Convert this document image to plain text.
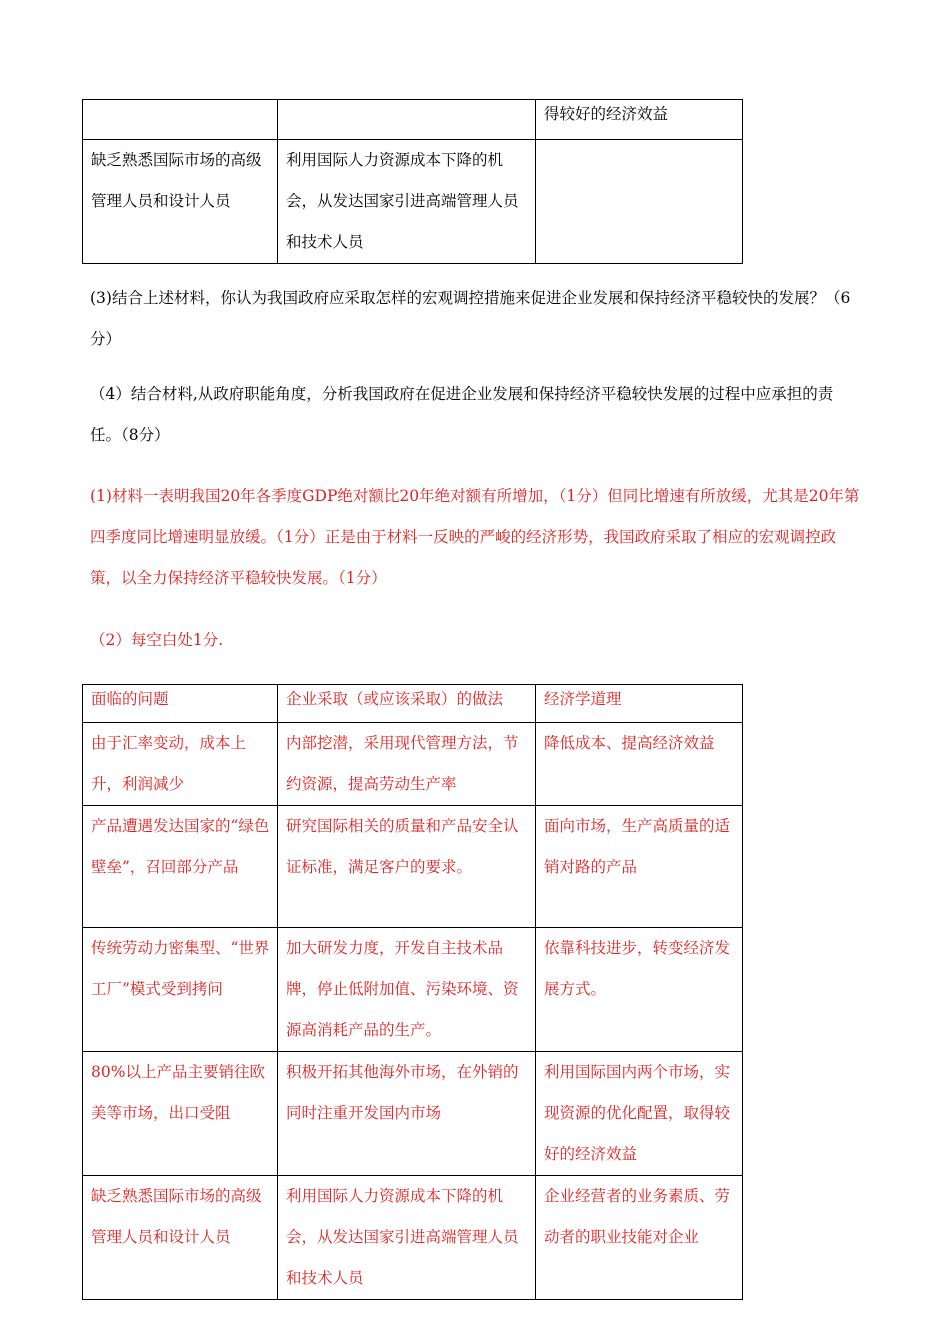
		得较好的经济效益
缺乏熟悉国际市场的高级管理人员和设计人员	利用国际人力资源成本下降的机会，从发达国家引进高端管理人员和技术人员	

(3)结合上述材料，你认为我国政府应采取怎样的宏观调控措施来促进企业发展和保持经济平稳较快的发展？（6分）

（4）结合材料,从政府职能角度，分析我国政府在促进企业发展和保持经济平稳较快发展的过程中应承担的责任。（8分）

(1)材料一表明我国20年各季度GDP绝对额比20年绝对额有所增加，（1分）但同比增速有所放缓，尤其是20年第四季度同比增速明显放缓。（1分）正是由于材料一反映的严峻的经济形势，我国政府采取了相应的宏观调控政策，以全力保持经济平稳较快发展。（1分）

（2）每空白处1分.

面临的问题	企业采取（或应该采取）的做法	经济学道理
由于汇率变动，成本上升，利润减少	内部挖潜，采用现代管理方法，节约资源，提高劳动生产率	降低成本、提高经济效益
产品遭遇发达国家的“绿色壁垒”，召回部分产品	研究国际相关的质量和产品安全认证标准，满足客户的要求。	面向市场，生产高质量的适销对路的产品
传统劳动力密集型、“世界工厂”模式受到拷问	加大研发力度，开发自主技术品牌，停止低附加值、污染环境、资源高消耗产品的生产。	依靠科技进步，转变经济发展方式。
80%以上产品主要销往欧美等市场，出口受阻	积极开拓其他海外市场，在外销的同时注重开发国内市场	利用国际国内两个市场，实现资源的优化配置，取得较好的经济效益
缺乏熟悉国际市场的高级管理人员和设计人员	利用国际人力资源成本下降的机会，从发达国家引进高端管理人员和技术人员	企业经营者的业务素质、劳动者的职业技能对企业
